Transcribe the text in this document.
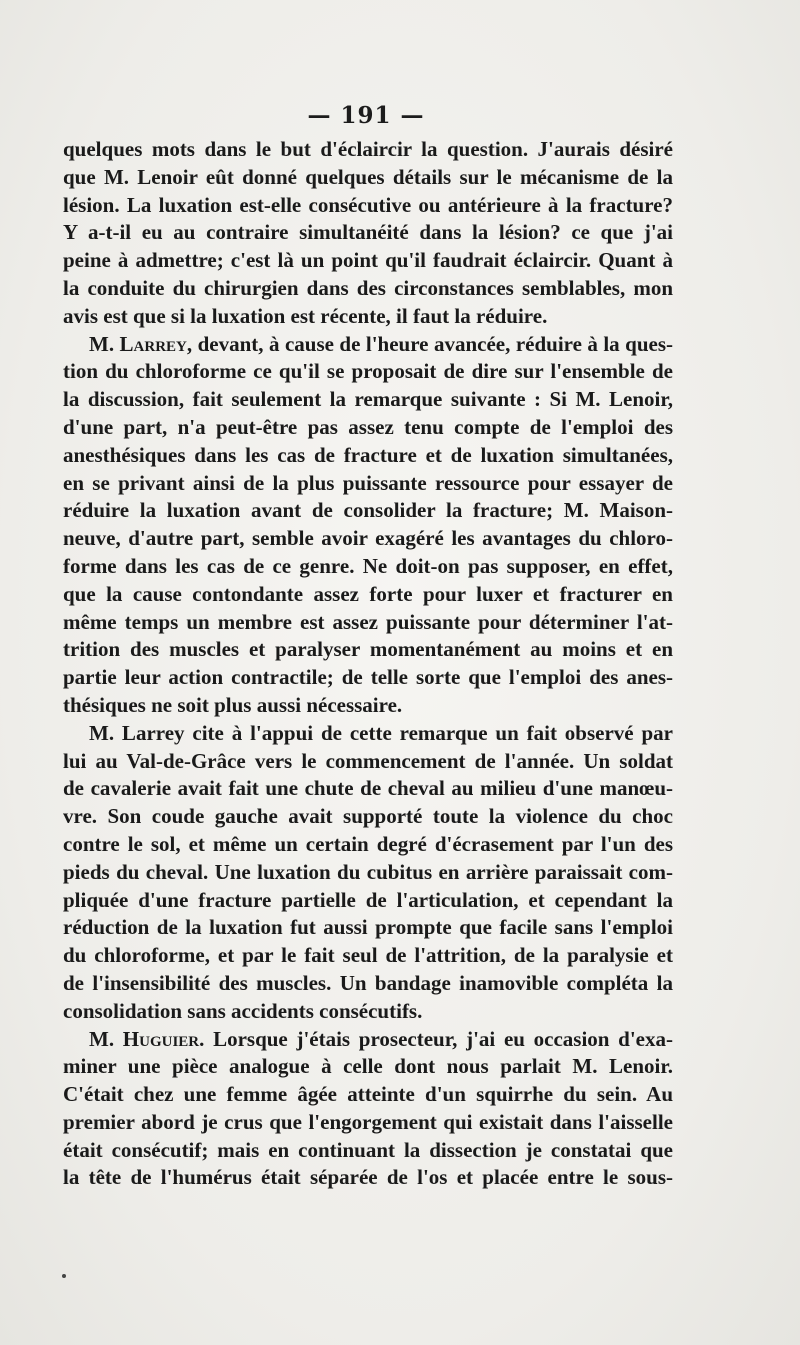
— 191 —
quelques mots dans le but d'éclaircir la question. J'aurais désiré
que M. Lenoir eût donné quelques détails sur le mécanisme de la
lésion. La luxation est-elle consécutive ou antérieure à la fracture?
Y a-t-il eu au contraire simultanéité dans la lésion? ce que j'ai
peine à admettre; c'est là un point qu'il faudrait éclaircir. Quant à
la conduite du chirurgien dans des circonstances semblables, mon
avis est que si la luxation est récente, il faut la réduire.
M. Larrey, devant, à cause de l'heure avancée, réduire à la ques-
tion du chloroforme ce qu'il se proposait de dire sur l'ensemble de
la discussion, fait seulement la remarque suivante : Si M. Lenoir,
d'une part, n'a peut-être pas assez tenu compte de l'emploi des
anesthésiques dans les cas de fracture et de luxation simultanées,
en se privant ainsi de la plus puissante ressource pour essayer de
réduire la luxation avant de consolider la fracture; M. Maison-
neuve, d'autre part, semble avoir exagéré les avantages du chloro-
forme dans les cas de ce genre. Ne doit-on pas supposer, en effet,
que la cause contondante assez forte pour luxer et fracturer en
même temps un membre est assez puissante pour déterminer l'at-
trition des muscles et paralyser momentanément au moins et en
partie leur action contractile; de telle sorte que l'emploi des anes-
thésiques ne soit plus aussi nécessaire.
M. Larrey cite à l'appui de cette remarque un fait observé par
lui au Val-de-Grâce vers le commencement de l'année. Un soldat
de cavalerie avait fait une chute de cheval au milieu d'une manœu-
vre. Son coude gauche avait supporté toute la violence du choc
contre le sol, et même un certain degré d'écrasement par l'un des
pieds du cheval. Une luxation du cubitus en arrière paraissait com-
pliquée d'une fracture partielle de l'articulation, et cependant la
réduction de la luxation fut aussi prompte que facile sans l'emploi
du chloroforme, et par le fait seul de l'attrition, de la paralysie et
de l'insensibilité des muscles. Un bandage inamovible compléta la
consolidation sans accidents consécutifs.
M. Huguier. Lorsque j'étais prosecteur, j'ai eu occasion d'exa-
miner une pièce analogue à celle dont nous parlait M. Lenoir.
C'était chez une femme âgée atteinte d'un squirrhe du sein. Au
premier abord je crus que l'engorgement qui existait dans l'aisselle
était consécutif; mais en continuant la dissection je constatai que
la tête de l'humérus était séparée de l'os et placée entre le sous-
